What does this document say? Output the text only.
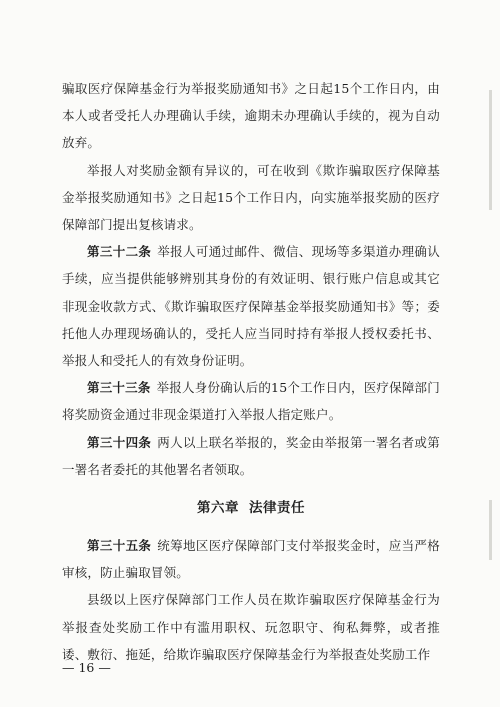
骗取医疗保障基金行为举报奖励通知书》之日起15个工作日内，由本人或者受托人办理确认手续，逾期未办理确认手续的，视为自动放弃。

举报人对奖励金额有异议的，可在收到《欺诈骗取医疗保障基金举报奖励通知书》之日起15个工作日内，向实施举报奖励的医疗保障部门提出复核请求。

第三十二条 举报人可通过邮件、微信、现场等多渠道办理确认手续，应当提供能够辨别其身份的有效证明、银行账户信息或其它非现金收款方式、《欺诈骗取医疗保障基金举报奖励通知书》等；委托他人办理现场确认的，受托人应当同时持有举报人授权委托书、举报人和受托人的有效身份证明。

第三十三条 举报人身份确认后的15个工作日内，医疗保障部门将奖励资金通过非现金渠道打入举报人指定账户。

第三十四条 两人以上联名举报的，奖金由举报第一署名者或第一署名者委托的其他署名者领取。

第六章 法律责任

第三十五条 统筹地区医疗保障部门支付举报奖金时，应当严格审核，防止骗取冒领。

县级以上医疗保障部门工作人员在欺诈骗取医疗保障基金行为举报查处奖励工作中有滥用职权、玩忽职守、徇私舞弊，或者推诿、敷衍、拖延，给欺诈骗取医疗保障基金行为举报查处奖励工作

— 16 —
